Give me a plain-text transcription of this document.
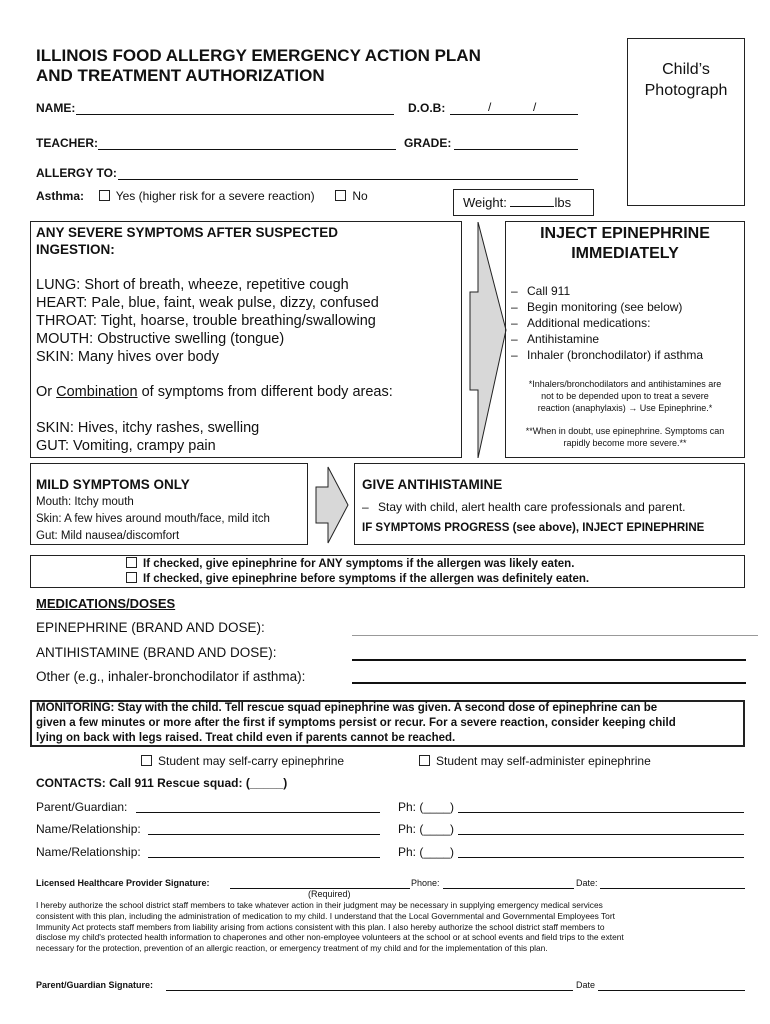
ILLINOIS FOOD ALLERGY EMERGENCY ACTION PLAN
AND TREATMENT AUTHORIZATION	Child’s
Photograph
NAME:	D.O.B:	/	/
TEACHER:	GRADE:
ALLERGY TO:
Asthma:	Yes (higher risk for a severe reaction)	No	Weight:	lbs
ANY SEVERE SYMPTOMS AFTER SUSPECTED
INGESTION:
LUNG: Short of breath, wheeze, repetitive cough
HEART: Pale, blue, faint, weak pulse, dizzy, confused
THROAT: Tight, hoarse, trouble breathing/swallowing
MOUTH: Obstructive swelling (tongue)
SKIN: Many hives over body
Or Combination of symptoms from different body areas:
SKIN: Hives, itchy rashes, swelling
GUT: Vomiting, crampy pain
INJECT EPINEPHRINE
IMMEDIATELY
– Call 911
– Begin monitoring (see below)
– Additional medications:
– Antihistamine
– Inhaler (bronchodilator) if asthma
*Inhalers/bronchodilators and antihistamines are
not to be depended upon to treat a severe
reaction (anaphylaxis) → Use Epinephrine.*
**When in doubt, use epinephrine. Symptoms can
rapidly become more severe.**
MILD SYMPTOMS ONLY
Mouth: Itchy mouth
Skin: A few hives around mouth/face, mild itch
Gut: Mild nausea/discomfort
GIVE ANTIHISTAMINE
– Stay with child, alert health care professionals and parent.
IF SYMPTOMS PROGRESS (see above), INJECT EPINEPHRINE
If checked, give epinephrine for ANY symptoms if the allergen was likely eaten.
If checked, give epinephrine before symptoms if the allergen was definitely eaten.
MEDICATIONS/DOSES
EPINEPHRINE (BRAND AND DOSE):
ANTIHISTAMINE (BRAND AND DOSE):
Other (e.g., inhaler-bronchodilator if asthma):
MONITORING: Stay with the child. Tell rescue squad epinephrine was given. A second dose of epinephrine can be
given a few minutes or more after the first if symptoms persist or recur. For a severe reaction, consider keeping child
lying on back with legs raised. Treat child even if parents cannot be reached.
Student may self-carry epinephrine	Student may self-administer epinephrine
CONTACTS: Call 911 Rescue squad: (_____)
Parent/Guardian:	Ph: (____)
Name/Relationship:	Ph: (____)
Name/Relationship:	Ph: (____)
Licensed Healthcare Provider Signature:	Phone:	Date:
(Required)
I hereby authorize the school district staff members to take whatever action in their judgment may be necessary in supplying emergency medical services
consistent with this plan, including the administration of medication to my child. I understand that the Local Governmental and Governmental Employees Tort
Immunity Act protects staff members from liability arising from actions consistent with this plan. I also hereby authorize the school district staff members to
disclose my child's protected health information to chaperones and other non-employee volunteers at the school or at school events and field trips to the extent
necessary for the protection, prevention of an allergic reaction, or emergency treatment of my child and for the implementation of this plan.
Parent/Guardian Signature:	Date
